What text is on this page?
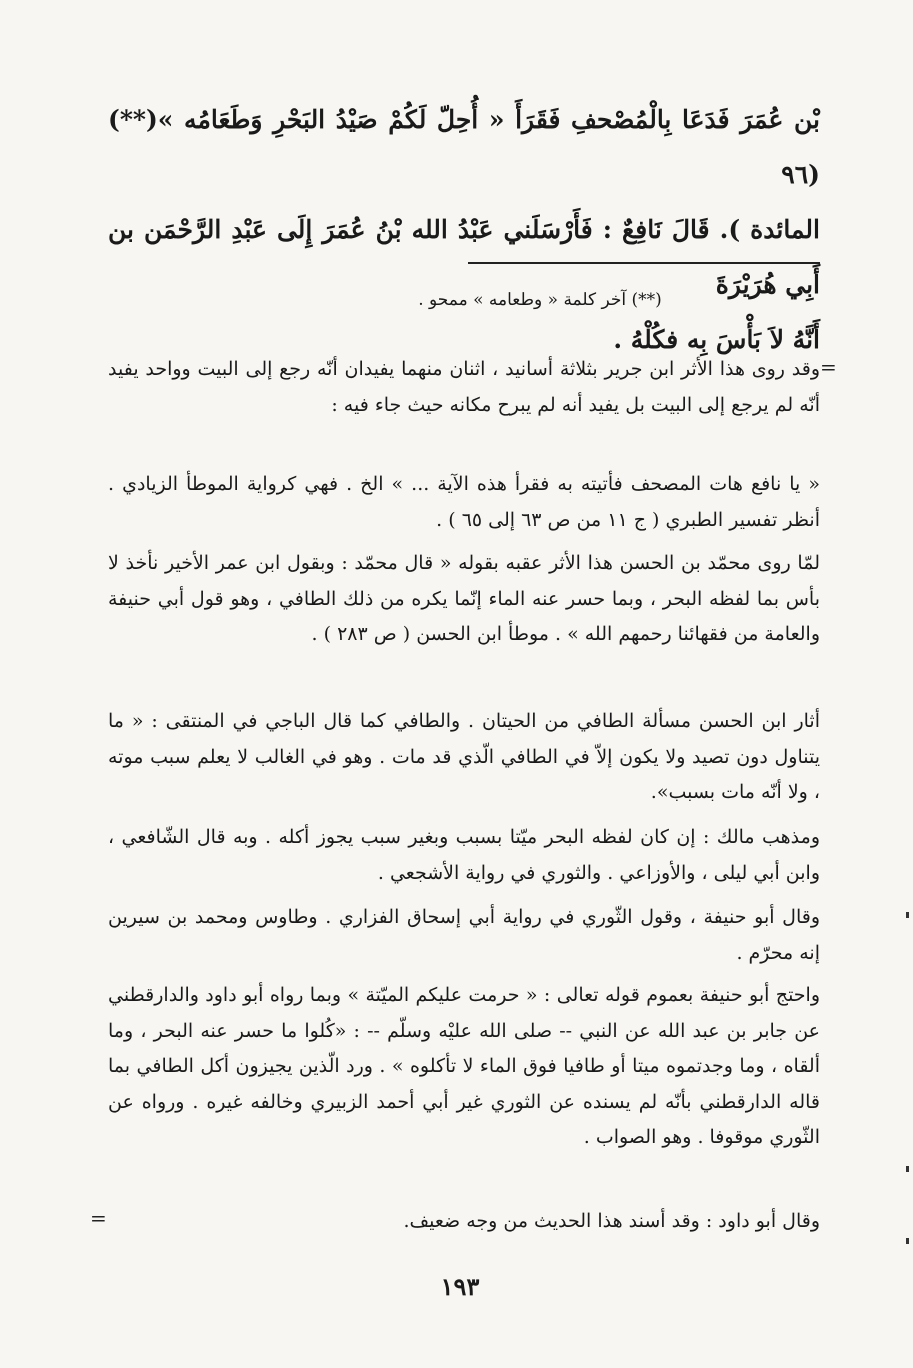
بْن عُمَرَ فَدَعَا بِالْمُصْحفِ فَقَرَأَ « أُحِلّ لَكُمْ صَيْدُ البَحْرِ وَطَعَامُه »(**) (٩٦
المائدة ). قَالَ نَافِعٌ : فَأَرْسَلَني عَبْدُ الله بْنُ عُمَرَ إِلَى عَبْدِ الرَّحْمَن بن أَبِي هُرَيْرَةَ
أَنَّهُ لاَ بَأْسَ بِه فكُلْهُ .
(**) آخر كلمة « وطعامه » ممحو .
=

وقد روى هذا الأثر ابن جرير بثلاثة أسانيد ، اثنان منهما يفيدان أنّه رجع إلى البيت وواحد يفيد أنّه لم يرجع إلى البيت بل يفيد أنه لم يبرح مكانه حيث جاء فيه :

« يا نافع هات المصحف فأتيته به فقرأ هذه الآية ... » الخ . فهي كرواية الموطأ الزيادي . أنظر تفسير الطبري ( ج ١١ من ص ٦٣ إلى ٦٥ ) .

لمّا روى محمّد بن الحسن هذا الأثر عقبه بقوله « قال محمّد : وبقول ابن عمر الأخير نأخذ لا بأس بما لفظه البحر ، وبما حسر عنه الماء إنّما يكره من ذلك الطافي ، وهو قول أبي حنيفة والعامة من فقهائنا رحمهم الله » . موطأ ابن الحسن ( ص ٢٨٣ ) .

أثار ابن الحسن مسألة الطافي من الحيتان . والطافي كما قال الباجي في المنتقى : « ما يتناول دون تصيد ولا يكون إلاّ في الطافي الّذي قد مات . وهو في الغالب لا يعلم سبب موته ، ولا أنّه مات بسبب».

ومذهب مالك : إن كان لفظه البحر ميّتا بسبب وبغير سبب يجوز أكله . وبه قال الشّافعي ، وابن أبي ليلى ، والأوزاعي . والثوري في رواية الأشجعي .

وقال أبو حنيفة ، وقول الثّوري في رواية أبي إسحاق الفزاري . وطاوس ومحمد بن سيرين إنه محرّم .

واحتج أبو حنيفة بعموم قوله تعالى : « حرمت عليكم الميّتة » وبما رواه أبو داود والدارقطني عن جابر بن عبد الله عن النبي -- صلى الله عليْه وسلّم -- : «كُلوا ما حسر عنه البحر ، وما ألقاه ، وما وجدتموه ميتا أو طافيا فوق الماء لا تأكلوه » . ورد الّذين يجيزون أكل الطافي بما قاله الدارقطني بأنّه لم يسنده عن الثوري غير أبي أحمد الزبيري وخالفه غيره . ورواه عن الثّوري موقوفا . وهو الصواب .

وقال أبو داود : وقد أسند هذا الحديث من وجه ضعيف.

=
١٩٣
